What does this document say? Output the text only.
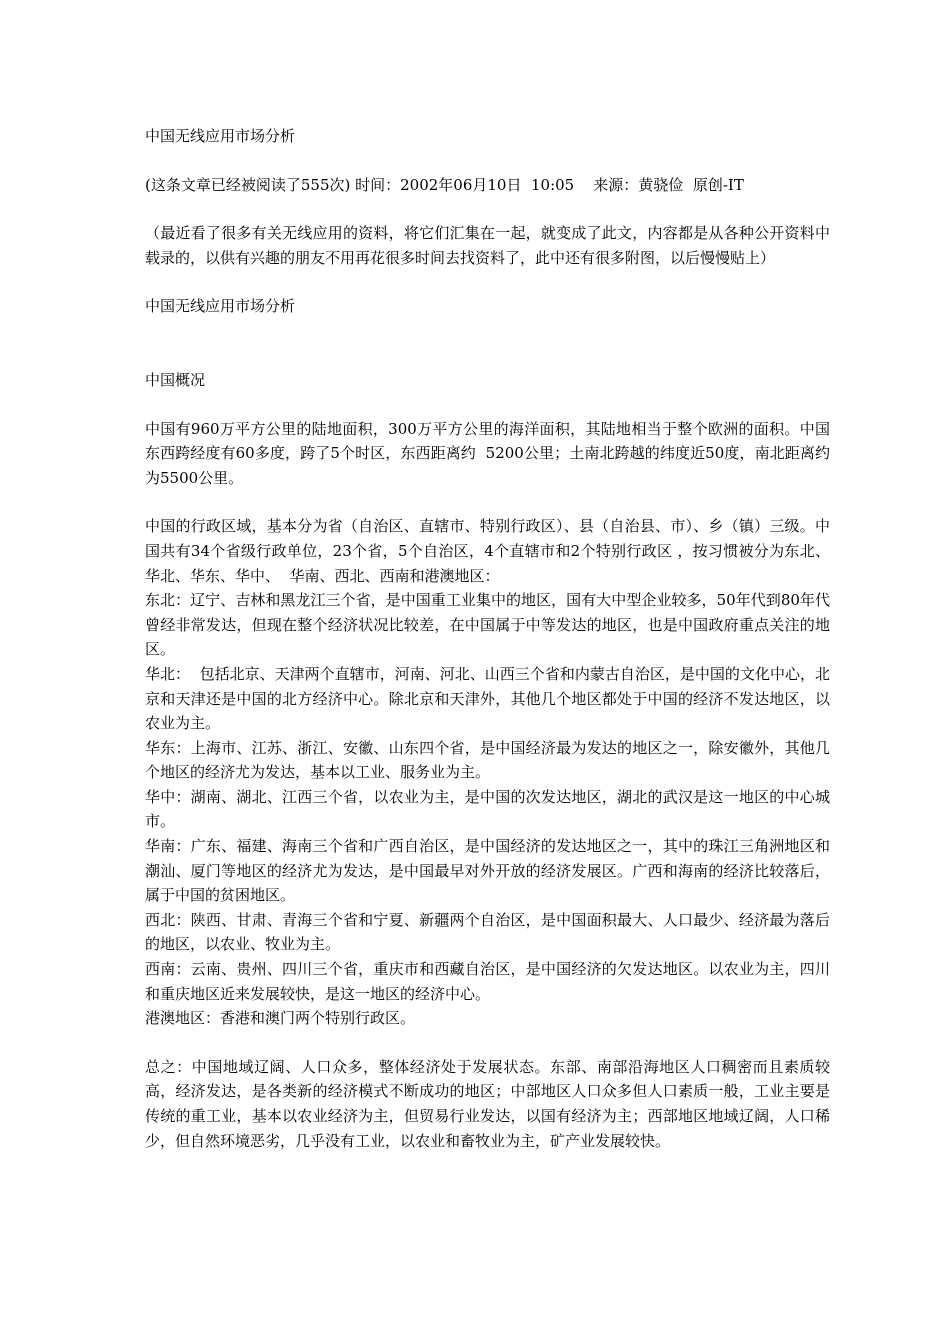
中国无线应用市场分析

(这条文章已经被阅读了555次) 时间：2002年06月10日  10:05    来源：黄骁俭  原创-IT

（最近看了很多有关无线应用的资料，将它们汇集在一起，就变成了此文，内容都是从各种公开资料中载录的，以供有兴趣的朋友不用再花很多时间去找资料了，此中还有很多附图，以后慢慢贴上）

中国无线应用市场分析

中国概况

中国有960万平方公里的陆地面积，300万平方公里的海洋面积，其陆地相当于整个欧洲的面积。中国东西跨经度有60多度，跨了5个时区，东西距离约  5200公里；土南北跨越的纬度近50度，南北距离约为5500公里。

中国的行政区域，基本分为省（自治区、直辖市、特别行政区）、县（自治县、市）、乡（镇）三级。中国共有34个省级行政单位，23个省，5个自治区，4个直辖市和2个特别行政区 ，按习惯被分为东北、华北、华东、华中、  华南、西北、西南和港澳地区：

东北：辽宁、吉林和黑龙江三个省，是中国重工业集中的地区，国有大中型企业较多，50年代到80年代曾经非常发达，但现在整个经济状况比较差，在中国属于中等发达的地区，也是中国政府重点关注的地区。

华北：  包括北京、天津两个直辖市，河南、河北、山西三个省和内蒙古自治区，是中国的文化中心，北京和天津还是中国的北方经济中心。除北京和天津外，其他几个地区都处于中国的经济不发达地区，以农业为主。

华东：上海市、江苏、浙江、安徽、山东四个省，是中国经济最为发达的地区之一，除安徽外，其他几个地区的经济尤为发达，基本以工业、服务业为主。

华中：湖南、湖北、江西三个省，以农业为主，是中国的次发达地区，湖北的武汉是这一地区的中心城市。

华南：广东、福建、海南三个省和广西自治区，是中国经济的发达地区之一，其中的珠江三角洲地区和潮汕、厦门等地区的经济尤为发达，是中国最早对外开放的经济发展区。广西和海南的经济比较落后，属于中国的贫困地区。

西北：陕西、甘肃、青海三个省和宁夏、新疆两个自治区，是中国面积最大、人口最少、经济最为落后的地区，以农业、牧业为主。

西南：云南、贵州、四川三个省，重庆市和西藏自治区，是中国经济的欠发达地区。以农业为主，四川和重庆地区近来发展较快，是这一地区的经济中心。

港澳地区：香港和澳门两个特别行政区。

总之：中国地域辽阔、人口众多，整体经济处于发展状态。东部、南部沿海地区人口稠密而且素质较高，经济发达，是各类新的经济模式不断成功的地区；中部地区人口众多但人口素质一般，工业主要是传统的重工业，基本以农业经济为主，但贸易行业发达，以国有经济为主；西部地区地域辽阔，人口稀少，但自然环境恶劣，几乎没有工业，以农业和畜牧业为主，矿产业发展较快。
